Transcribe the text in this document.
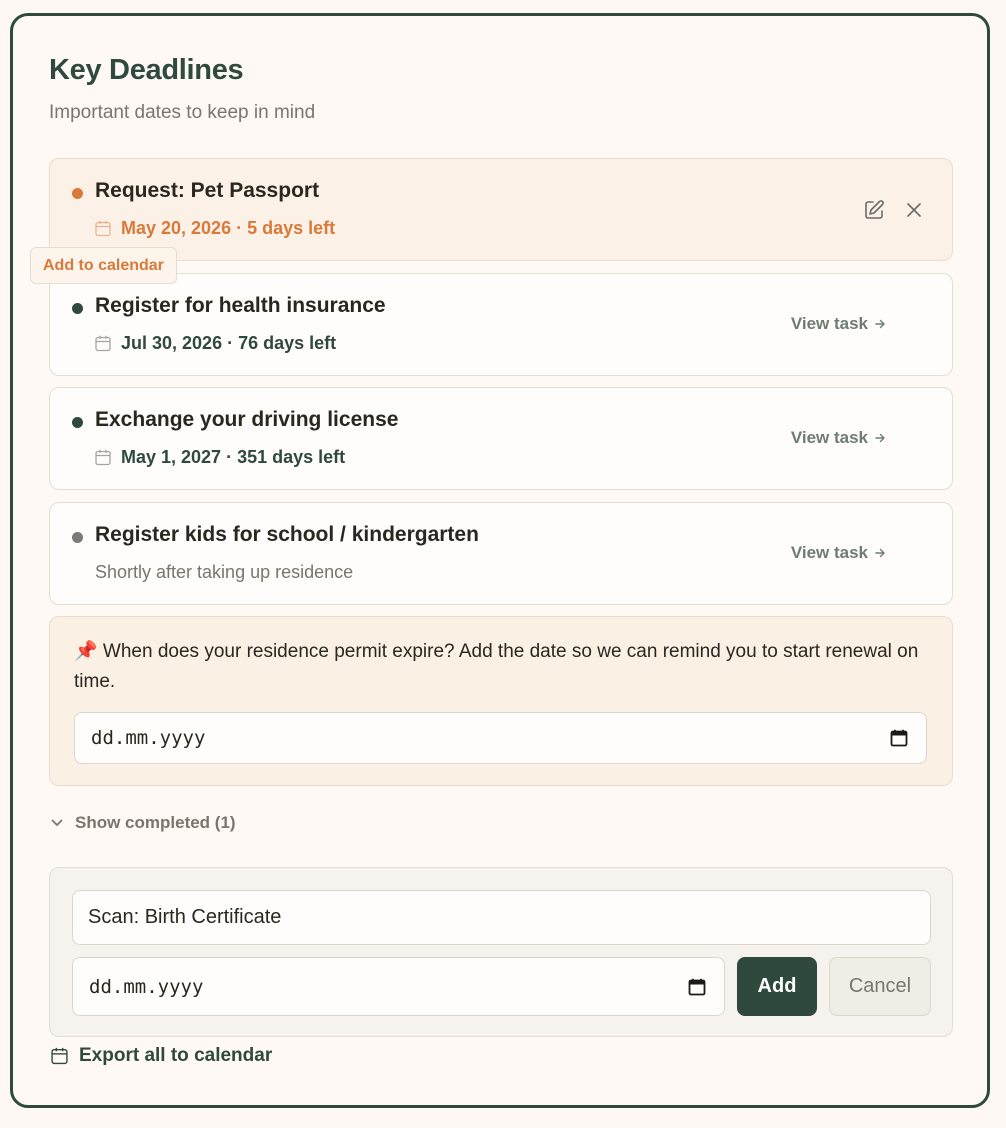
Key Deadlines

Important dates to keep in mind

Request: Pet Passport
May 20, 2026 · 5 days left
Register for health insurance
Jul 30, 2026 · 76 days left
View task
Exchange your driving license
May 1, 2027 · 351 days left
View task
Register kids for school / kindergarten
Shortly after taking up residence
View task
Add to calendar

📌 When does your residence permit expire? Add the date so we can remind you to start renewal on time.

dd.mm.yyyy
Show completed (1)
Scan: Birth Certificate
dd.mm.yyyy	Add	Cancel
Export all to calendar
